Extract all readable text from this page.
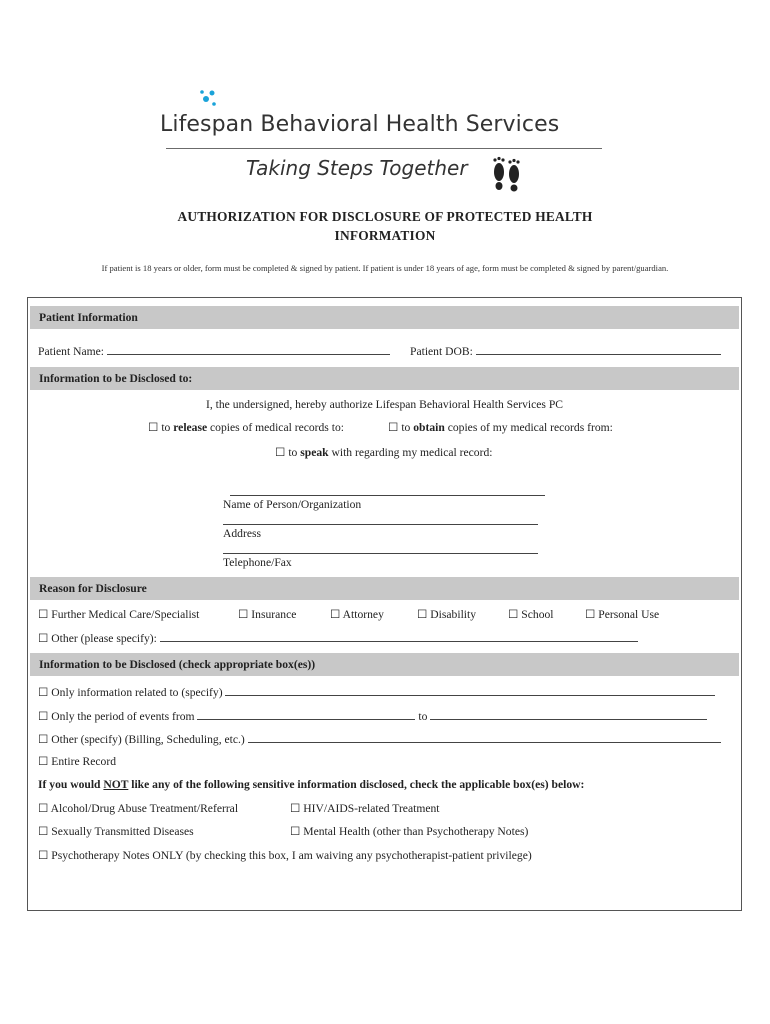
Lifespan Behavioral Health Services
Taking Steps Together
AUTHORIZATION FOR DISCLOSURE OF PROTECTED HEALTH INFORMATION
If patient is 18 years or older, form must be completed & signed by patient. If patient is under 18 years of age, form must be completed & signed by parent/guardian.
Patient Information
Patient Name:	Patient DOB:
Information to be Disclosed to:
I, the undersigned, hereby authorize Lifespan Behavioral Health Services PC
☐ to release copies of medical records to:	☐ to obtain copies of my medical records from:
☐ to speak with regarding my medical record:
Name of Person/Organization
Address
Telephone/Fax
Reason for Disclosure
☐ Further Medical Care/Specialist	☐ Insurance	☐ Attorney	☐ Disability	☐ School	☐ Personal Use
☐ Other (please specify):
Information to be Disclosed (check appropriate box(es))
☐ Only information related to (specify)
☐ Only the period of events from	to
☐ Other (specify) (Billing, Scheduling, etc.)
☐ Entire Record
If you would NOT like any of the following sensitive information disclosed, check the applicable box(es) below:
☐ Alcohol/Drug Abuse Treatment/Referral	☐ HIV/AIDS-related Treatment
☐ Sexually Transmitted Diseases	☐ Mental Health (other than Psychotherapy Notes)
☐ Psychotherapy Notes ONLY (by checking this box, I am waiving any psychotherapist-patient privilege)
